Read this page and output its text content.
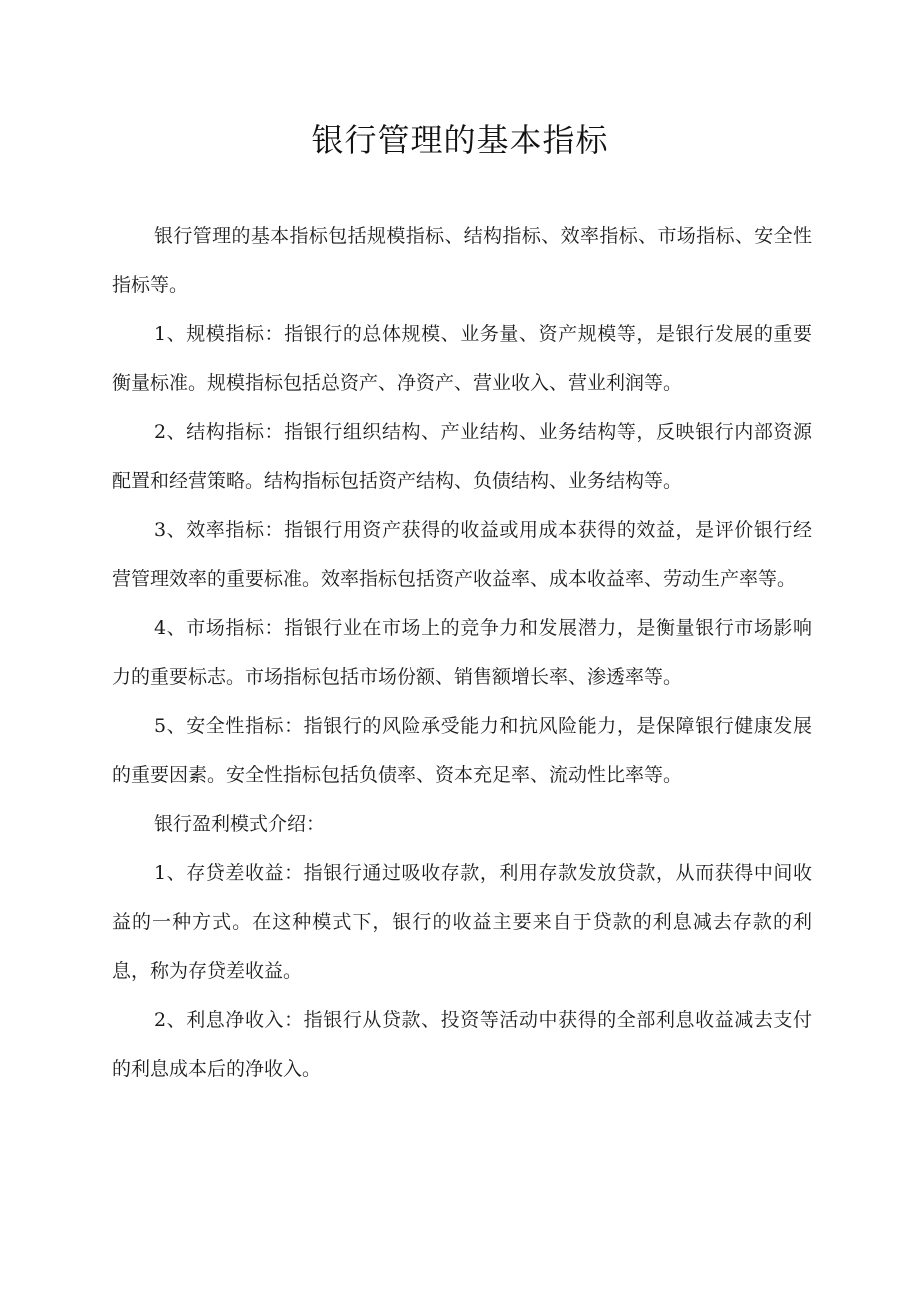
银行管理的基本指标

银行管理的基本指标包括规模指标、结构指标、效率指标、市场指标、安全性指标等。

1、规模指标：指银行的总体规模、业务量、资产规模等，是银行发展的重要衡量标准。规模指标包括总资产、净资产、营业收入、营业利润等。

2、结构指标：指银行组织结构、产业结构、业务结构等，反映银行内部资源配置和经营策略。结构指标包括资产结构、负债结构、业务结构等。

3、效率指标：指银行用资产获得的收益或用成本获得的效益，是评价银行经营管理效率的重要标准。效率指标包括资产收益率、成本收益率、劳动生产率等。

4、市场指标：指银行业在市场上的竞争力和发展潜力，是衡量银行市场影响力的重要标志。市场指标包括市场份额、销售额增长率、渗透率等。

5、安全性指标：指银行的风险承受能力和抗风险能力，是保障银行健康发展的重要因素。安全性指标包括负债率、资本充足率、流动性比率等。

银行盈利模式介绍：

1、存贷差收益：指银行通过吸收存款，利用存款发放贷款，从而获得中间收益的一种方式。在这种模式下，银行的收益主要来自于贷款的利息减去存款的利息，称为存贷差收益。

2、利息净收入：指银行从贷款、投资等活动中获得的全部利息收益减去支付的利息成本后的净收入。
